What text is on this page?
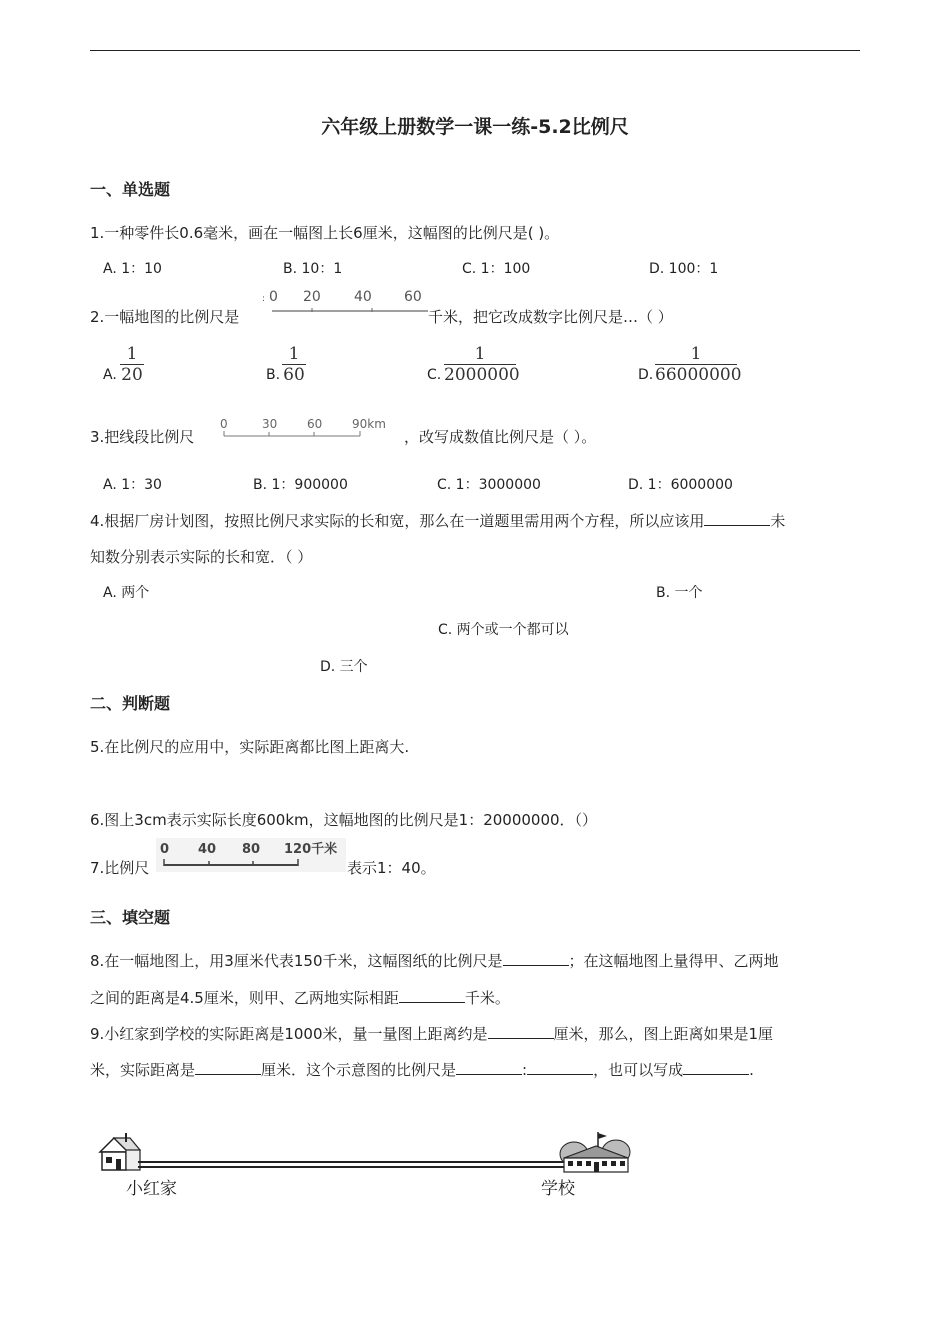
六年级上册数学一课一练-5.2比例尺
一、单选题
1.一种零件长0.6毫米，画在一幅图上长6厘米，这幅图的比例尺是( )。
A. 1：10	B. 10：1	C. 1：100	D. 100：1
2.一幅地图的比例尺是
: 0 20 40 60
千米，把它改成数字比例尺是…（ ）
A.
1
20	B.
1
60	C.
1
2000000	D.
1
66000000
3.把线段比例尺
0	30 60 90km
，改写成数值比例尺是（ ）。
A. 1：30	B. 1：900000	C. 1：3000000	D. 1：6000000
4.根据厂房计划图，按照比例尺求实际的长和宽，那么在一道题里需用两个方程，所以应该用	未
知数分别表示实际的长和宽．（ ）
A. 两个	B. 一个
C. 两个或一个都可以
D. 三个
二、判断题
5.在比例尺的应用中，实际距离都比图上距离大.
6.图上3cm表示实际长度600km，这幅地图的比例尺是1：20000000．（）
7.比例尺
0 40 80 120千米
表示1：40。
三、填空题
8.在一幅地图上，用3厘米代表150千米，这幅图纸的比例尺是	；在这幅地图上量得甲、乙两地
之间的距离是4.5厘米，则甲、乙两地实际相距	千米。
9.小红家到学校的实际距离是1000米，量一量图上距离约是	厘米，那么，图上距离如果是1厘
米，实际距离是	厘米．这个示意图的比例尺是	:	，也可以写成	.
小红家	学校
